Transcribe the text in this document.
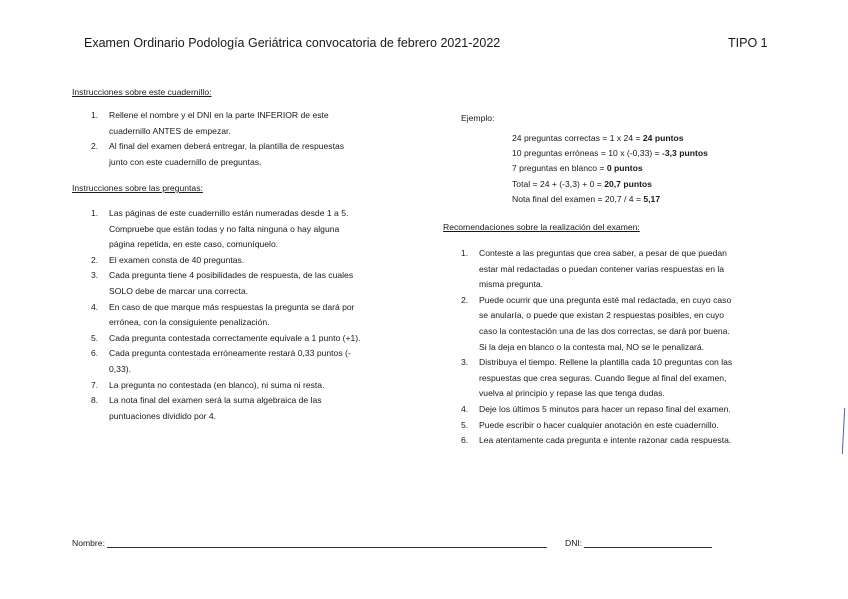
Examen Ordinario Podología Geriátrica convocatoria de febrero 2021-2022	TIPO 1
Instrucciones sobre este cuadernillo:
1. Rellene el nombre y el DNI en la parte INFERIOR de este
cuadernillo ANTES de empezar.
2. Al final del examen deberá entregar, la plantilla de respuestas
junto con este cuadernillo de preguntas.
Instrucciones sobre las preguntas:
1. Las páginas de este cuadernillo están numeradas desde 1 a 5.
Compruebe que están todas y no falta ninguna o hay alguna
página repetida, en este caso, comuníquelo.
2. El examen consta de 40 preguntas.
3. Cada pregunta tiene 4 posibilidades de respuesta, de las cuales
SOLO debe de marcar una correcta.
4. En caso de que marque más respuestas la pregunta se dará por
errónea, con la consiguiente penalización.
5. Cada pregunta contestada correctamente equivale a 1 punto (+1).
6. Cada pregunta contestada erróneamente restará 0,33 puntos (-
0,33).
7. La pregunta no contestada (en blanco), ni suma ni resta.
8. La nota final del examen será la suma algebraica de las
puntuaciones dividido por 4.
Ejemplo:
24 preguntas correctas = 1 x 24 = 24 puntos
10 preguntas erróneas = 10 x (-0,33) = -3,3 puntos
7 preguntas en blanco = 0 puntos
Total = 24 + (-3,3) + 0 = 20,7 puntos
Nota final del examen = 20,7 / 4 = 5,17
Recomendaciones sobre la realización del examen:
1. Conteste a las preguntas que crea saber, a pesar de que puedan
estar mal redactadas o puedan contener varias respuestas en la
misma pregunta.
2. Puede ocurrir que una pregunta esté mal redactada, en cuyo caso
se anularía, o puede que existan 2 respuestas posibles, en cuyo
caso la contestación una de las dos correctas, se dará por buena.
Si la deja en blanco o la contesta mal, NO se le penalizará.
3. Distribuya el tiempo. Rellene la plantilla cada 10 preguntas con las
respuestas que crea seguras. Cuando llegue al final del examen,
vuelva al principio y repase las que tenga dudas.
4. Deje los últimos 5 minutos para hacer un repaso final del examen.
5. Puede escribir o hacer cualquier anotación en este cuadernillo.
6. Lea atentamente cada pregunta e intente razonar cada respuesta.
Nombre:	DNI:
